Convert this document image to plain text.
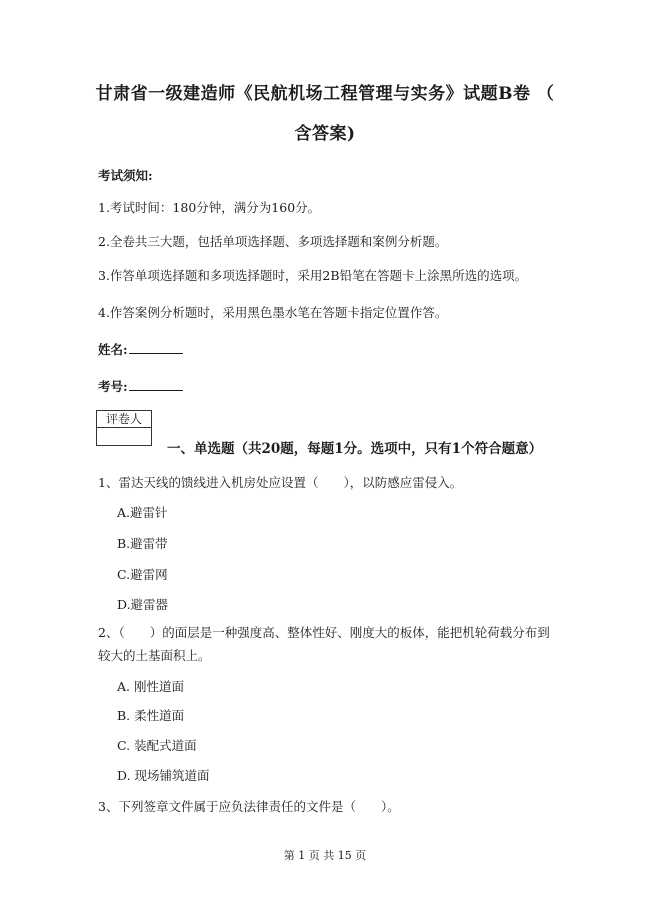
甘肃省一级建造师《民航机场工程管理与实务》试题B卷 （
含答案)
考试须知:
1.考试时间：180分钟，满分为160分。
2.全卷共三大题，包括单项选择题、多项选择题和案例分析题。
3.作答单项选择题和多项选择题时，采用2B铅笔在答题卡上涂黑所选的选项。
4.作答案例分析题时，采用黑色墨水笔在答题卡指定位置作答。
姓名:
考号:
评卷人
一、单选题（共20题，每题1分。选项中，只有1个符合题意）
1、雷达天线的馈线进入机房处应设置（　　），以防感应雷侵入。
A.避雷针
B.避雷带
C.避雷网
D.避雷器
2、（　　）的面层是一种强度高、整体性好、刚度大的板体，能把机轮荷载分布到较大的土基面积上。
A. 刚性道面
B. 柔性道面
C. 装配式道面
D. 现场铺筑道面
3、下列签章文件属于应负法律责任的文件是（　　）。
第 1 页 共 15 页
